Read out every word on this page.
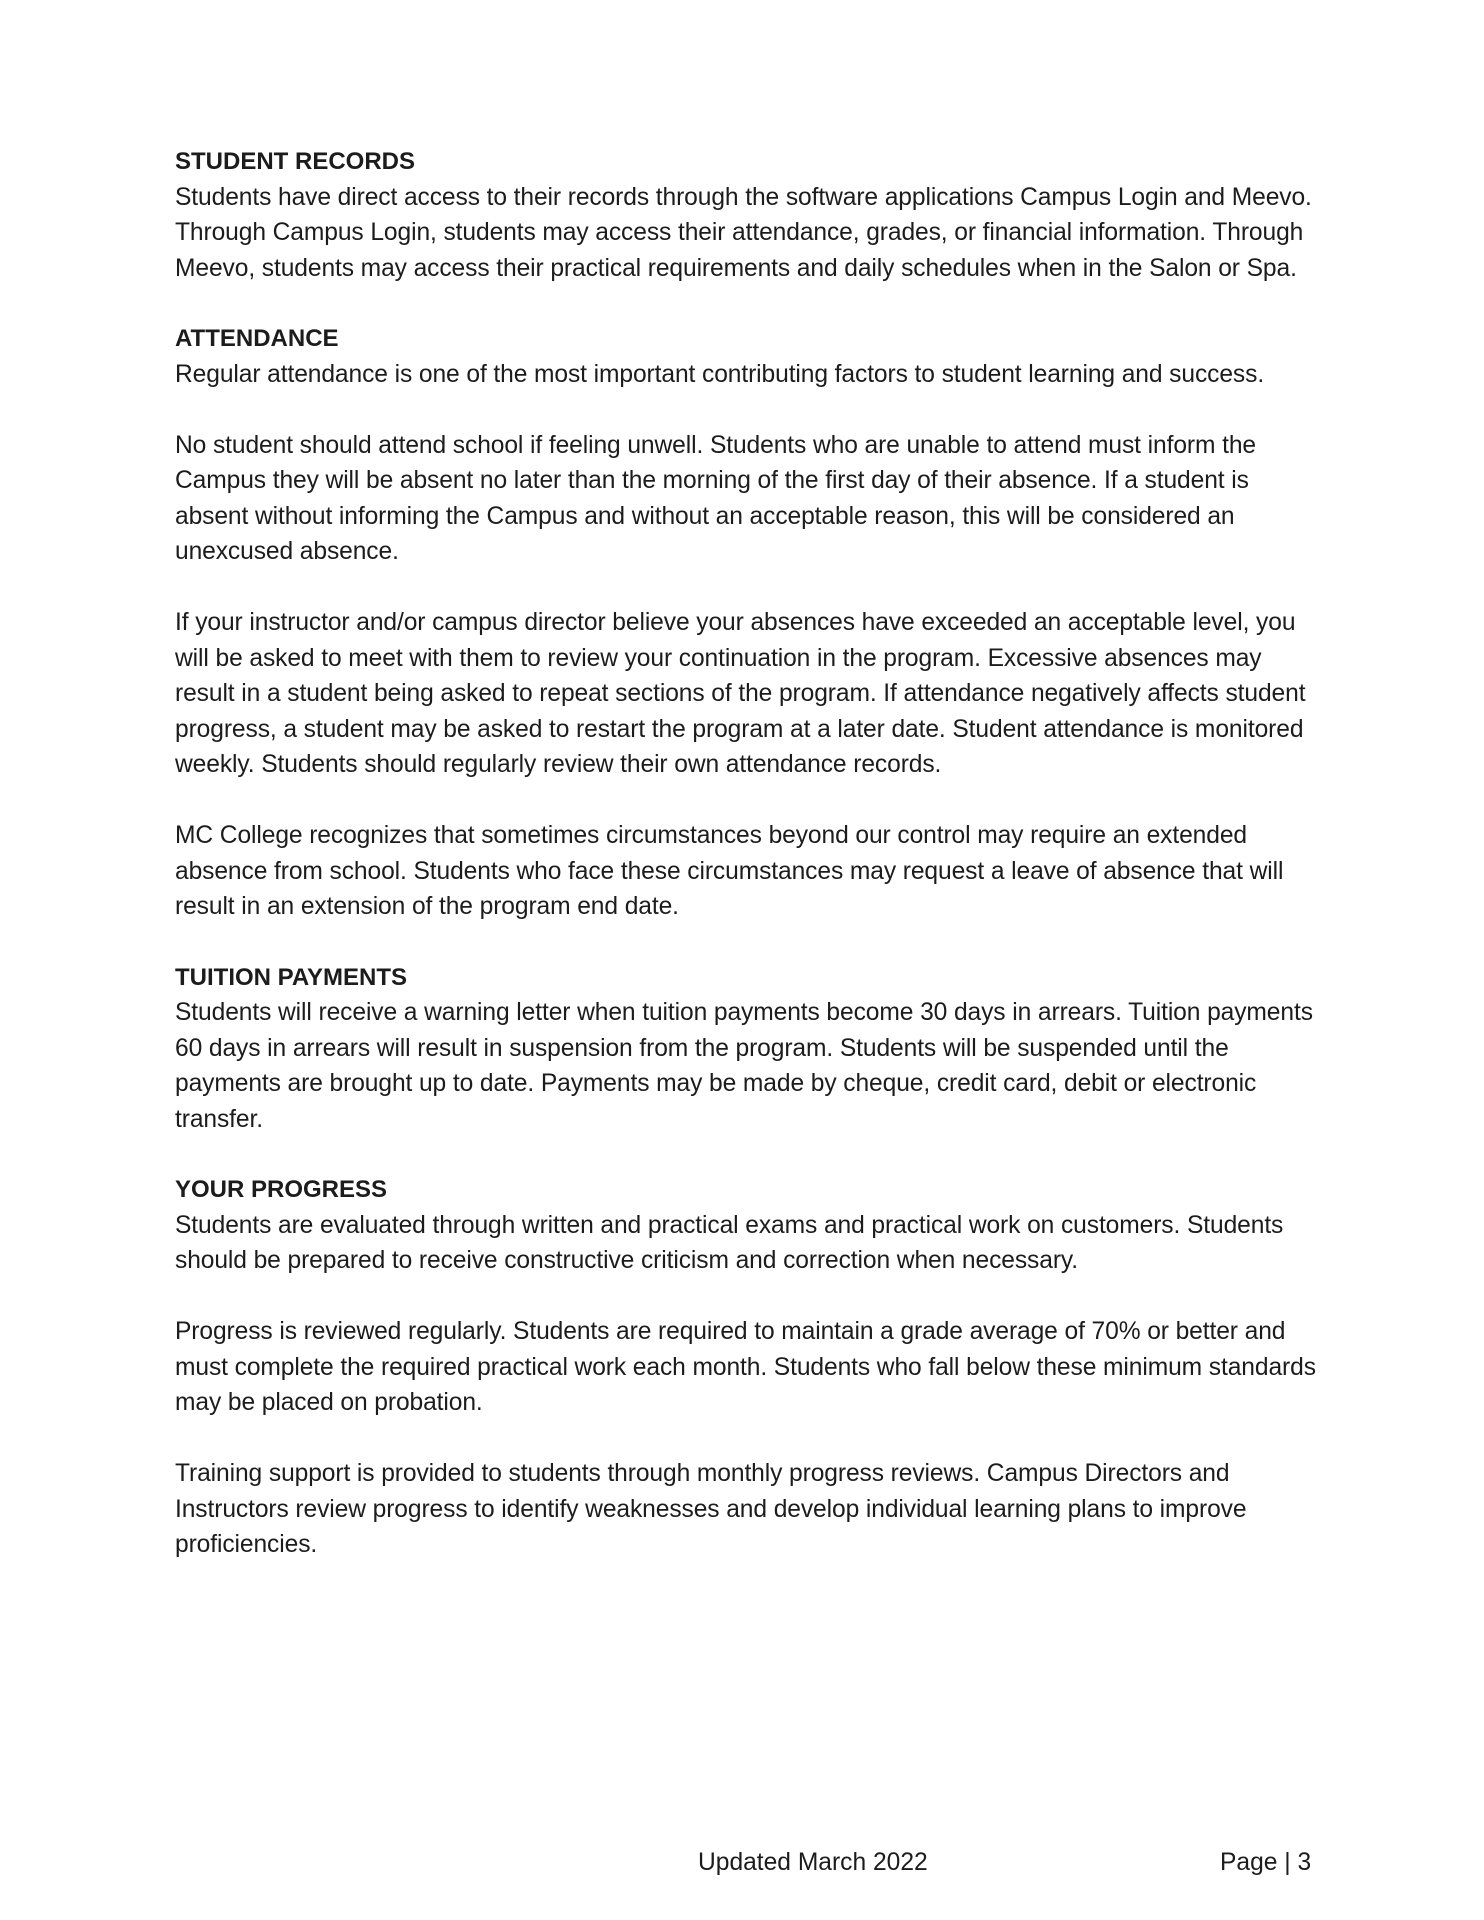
STUDENT RECORDS

Students have direct access to their records through the software applications Campus Login and Meevo. Through Campus Login, students may access their attendance, grades, or financial information. Through Meevo, students may access their practical requirements and daily schedules when in the Salon or Spa.

ATTENDANCE

Regular attendance is one of the most important contributing factors to student learning and success.

No student should attend school if feeling unwell. Students who are unable to attend must inform the Campus they will be absent no later than the morning of the first day of their absence. If a student is absent without informing the Campus and without an acceptable reason, this will be considered an unexcused absence.

If your instructor and/or campus director believe your absences have exceeded an acceptable level, you will be asked to meet with them to review your continuation in the program. Excessive absences may result in a student being asked to repeat sections of the program. If attendance negatively affects student progress, a student may be asked to restart the program at a later date. Student attendance is monitored weekly. Students should regularly review their own attendance records.

MC College recognizes that sometimes circumstances beyond our control may require an extended absence from school. Students who face these circumstances may request a leave of absence that will result in an extension of the program end date.

TUITION PAYMENTS

Students will receive a warning letter when tuition payments become 30 days in arrears. Tuition payments 60 days in arrears will result in suspension from the program. Students will be suspended until the payments are brought up to date. Payments may be made by cheque, credit card, debit or electronic transfer.

YOUR PROGRESS

Students are evaluated through written and practical exams and practical work on customers. Students should be prepared to receive constructive criticism and correction when necessary.

Progress is reviewed regularly. Students are required to maintain a grade average of 70% or better and must complete the required practical work each month. Students who fall below these minimum standards may be placed on probation.

Training support is provided to students through monthly progress reviews. Campus Directors and Instructors review progress to identify weaknesses and develop individual learning plans to improve proficiencies.

Updated March 2022	Page | 3
